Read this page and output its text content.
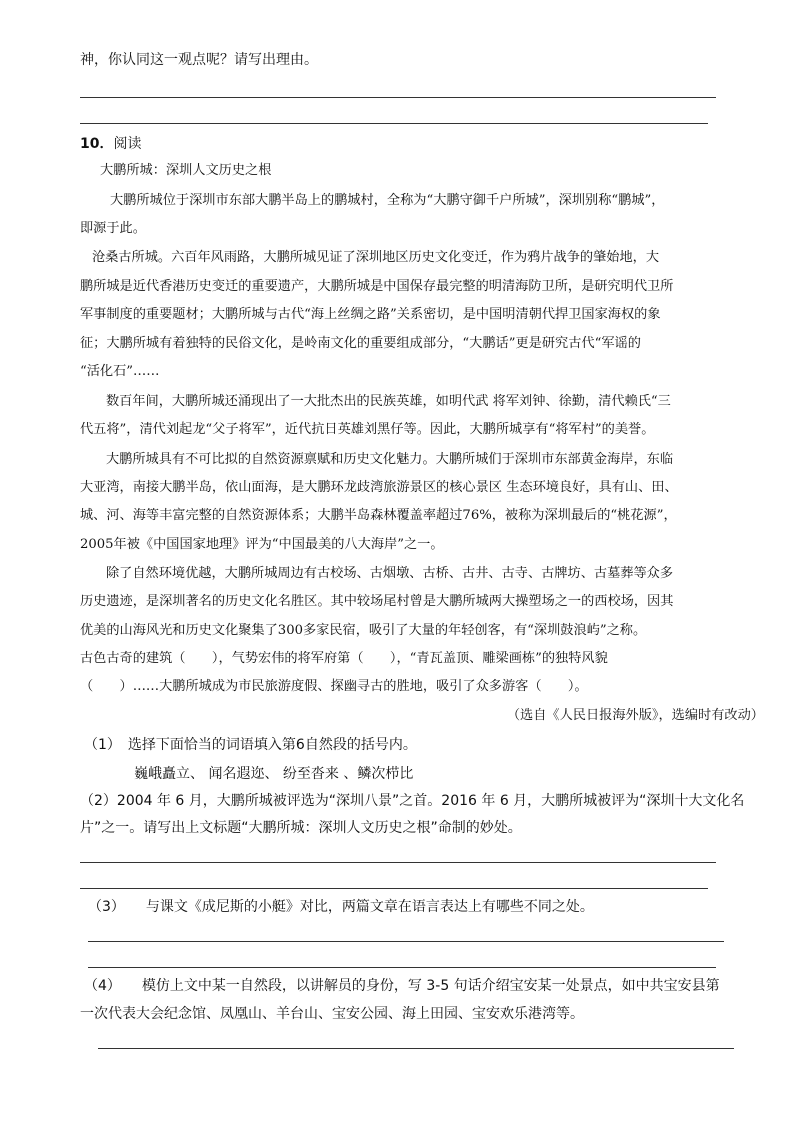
神，你认同这一观点呢？请写出理由。
10．阅读
大鹏所城：深圳人文历史之根
大鹏所城位于深圳市东部大鹏半岛上的鹏城村，全称为“大鹏守御千户所城”，深圳别称“鹏城”，
即源于此。
沧桑古所城。六百年风雨路，大鹏所城见证了深圳地区历史文化变迁，作为鸦片战争的肇始地，大
鹏所城是近代香港历史变迁的重要遗产，大鹏所城是中国保存最完整的明清海防卫所，是研究明代卫所
军事制度的重要题材；大鹏所城与古代“海上丝绸之路”关系密切，是中国明清朝代捍卫国家海权的象
征；大鹏所城有着独特的民俗文化，是岭南文化的重要组成部分，“大鹏话”更是研究古代“军谣的
“活化石”……
数百年间，大鹏所城还涌现出了一大批杰出的民族英雄，如明代武 将军刘钟、徐勤，清代赖氏“三
代五将”，清代刘起龙“父子将军”，近代抗日英雄刘黑仔等。因此，大鹏所城享有“将军村”的美誉。
大鹏所城具有不可比拟的自然资源禀赋和历史文化魅力。大鹏所城们于深圳市东部黄金海岸，东临
大亚湾，南接大鹏半岛，依山面海，是大鹏环龙歧湾旅游景区的核心景区 生态环境良好，具有山、田、
城、河、海等丰富完整的自然资源体系；大鹏半岛森林覆盖率超过76%，被称为深圳最后的“桃花源”，
2005年被《中国国家地理》评为“中国最美的八大海岸”之一。
除了自然环境优越，大鹏所城周边有古校场、古烟墩、古桥、古井、古寺、古牌坊、古墓葬等众多
历史遗迹，是深圳著名的历史文化名胜区。其中较场尾村曾是大鹏所城两大操塑场之一的西校场，因其
优美的山海风光和历史文化聚集了300多家民宿，吸引了大量的年轻创客，有“深圳鼓浪屿”之称。
古色古奇的建筑（　　），气势宏伟的将军府第（　　），“青瓦盖顶、雕梁画栋”的独特风貌
（　　）……大鹏所城成为市民旅游度假、探幽寻古的胜地，吸引了众多游客（　　）。
（选自《人民日报海外版》，选编时有改动）
（1）　选择下面恰当的词语填入第6自然段的括号内。
巍峨矗立、 闻名遐迩、 纷至沓来 、鳞次栉比
（2）2004 年 6 月，大鹏所城被评选为“深圳八景”之首。2016 年 6 月，大鹏所城被评为“深圳十大文化名
片”之一。请写出上文标题“大鹏所城：深圳人文历史之根”命制的妙处。
（3）　　与课文《成尼斯的小艇》对比，两篇文章在语言表达上有哪些不同之处。
（4）　　模仿上文中某一自然段，以讲解员的身份，写 3-5 句话介绍宝安某一处景点，如中共宝安县第
一次代表大会纪念馆、凤凰山、羊台山、宝安公园、海上田园、宝安欢乐港湾等。
